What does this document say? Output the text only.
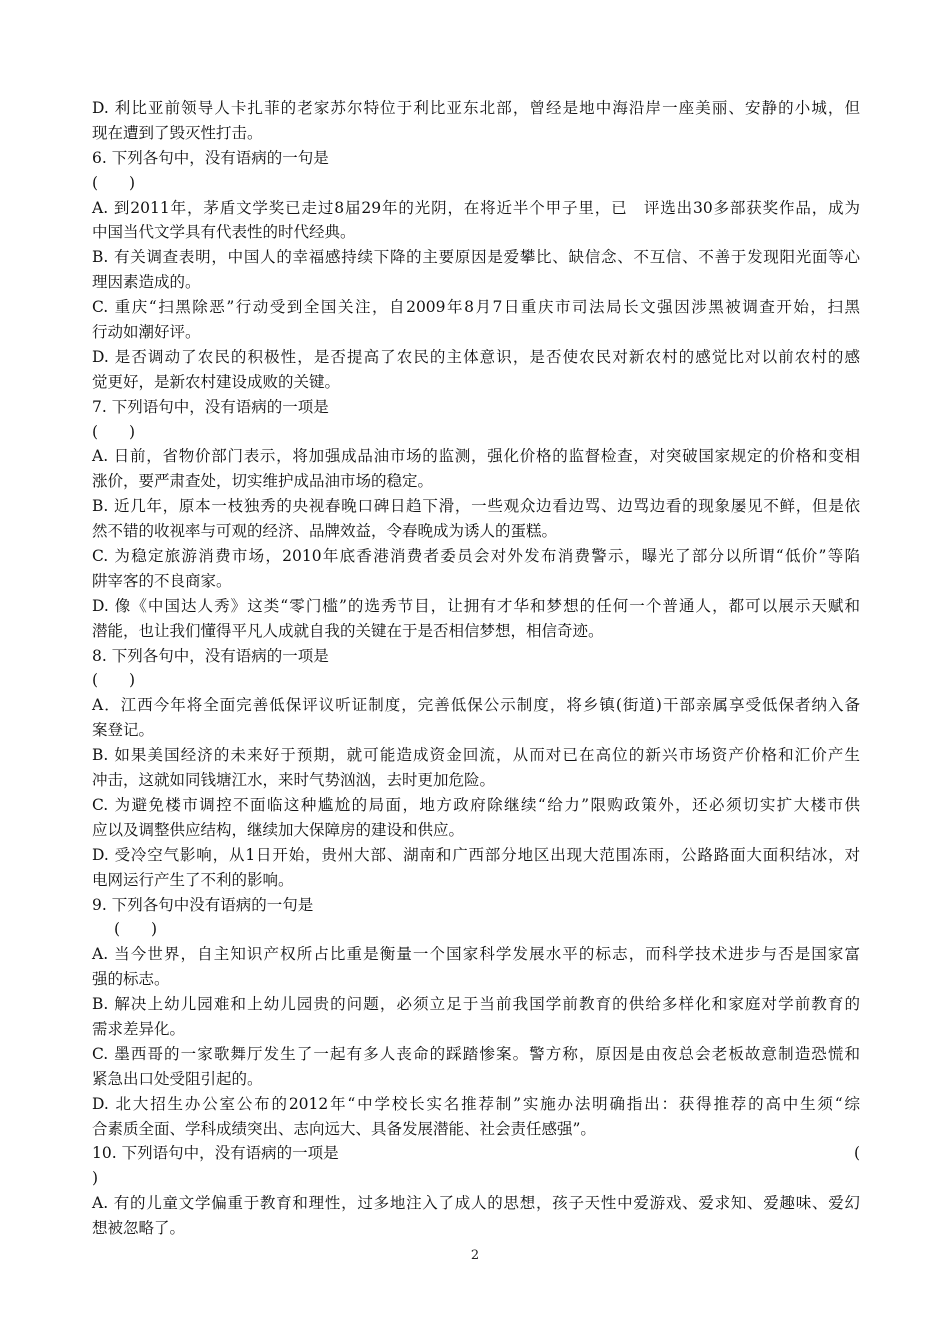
D. 利比亚前领导人卡扎菲的老家苏尔特位于利比亚东北部，曾经是地中海沿岸一座美丽、安静的小城，但
现在遭到了毁灭性打击。
6. 下列各句中，没有语病的一句是
(　　)
A. 到2011年，茅盾文学奖已走过8届29年的光阴，在将近半个甲子里，已　评选出30多部获奖作品，成为
中国当代文学具有代表性的时代经典。
B. 有关调查表明，中国人的幸福感持续下降的主要原因是爱攀比、缺信念、不互信、不善于发现阳光面等心
理因素造成的。
C. 重庆“扫黑除恶”行动受到全国关注，自2009年8月7日重庆市司法局长文强因涉黑被调查开始，扫黑
行动如潮好评。
D. 是否调动了农民的积极性，是否提高了农民的主体意识，是否使农民对新农村的感觉比对以前农村的感
觉更好，是新农村建设成败的关键。
7. 下列语句中，没有语病的一项是
(　　)
A. 日前，省物价部门表示，将加强成品油市场的监测，强化价格的监督检查，对突破国家规定的价格和变相
涨价，要严肃查处，切实维护成品油市场的稳定。
B. 近几年，原本一枝独秀的央视春晚口碑日趋下滑，一些观众边看边骂、边骂边看的现象屡见不鲜，但是依
然不错的收视率与可观的经济、品牌效益，令春晚成为诱人的蛋糕。
C. 为稳定旅游消费市场，2010年底香港消费者委员会对外发布消费警示，曝光了部分以所谓“低价”等陷
阱宰客的不良商家。
D. 像《中国达人秀》这类“零门槛”的选秀节目，让拥有才华和梦想的任何一个普通人，都可以展示天赋和
潜能，也让我们懂得平凡人成就自我的关键在于是否相信梦想，相信奇迹。
8. 下列各句中，没有语病的一项是
(　　)
A．江西今年将全面完善低保评议听证制度，完善低保公示制度，将乡镇(街道)干部亲属享受低保者纳入备
案登记。
B. 如果美国经济的未来好于预期，就可能造成资金回流，从而对已在高位的新兴市场资产价格和汇价产生
冲击，这就如同钱塘江水，来时气势汹汹，去时更加危险。
C. 为避免楼市调控不面临这种尴尬的局面，地方政府除继续“给力”限购政策外，还必须切实扩大楼市供
应以及调整供应结构，继续加大保障房的建设和供应。
D. 受冷空气影响，从1日开始，贵州大部、湖南和广西部分地区出现大范围冻雨，公路路面大面积结冰，对
电网运行产生了不利的影响。
9. 下列各句中没有语病的一句是
(　　)
A. 当今世界，自主知识产权所占比重是衡量一个国家科学发展水平的标志，而科学技术进步与否是国家富
强的标志。
B. 解决上幼儿园难和上幼儿园贵的问题，必须立足于当前我国学前教育的供给多样化和家庭对学前教育的
需求差异化。
C. 墨西哥的一家歌舞厅发生了一起有多人丧命的踩踏惨案。警方称，原因是由夜总会老板故意制造恐慌和
紧急出口处受阻引起的。
D. 北大招生办公室公布的2012年“中学校长实名推荐制”实施办法明确指出：获得推荐的高中生须“综
合素质全面、学科成绩突出、志向远大、具备发展潜能、社会责任感强”。
10. 下列语句中，没有语病的一项是	(
)
A. 有的儿童文学偏重于教育和理性，过多地注入了成人的思想，孩子天性中爱游戏、爱求知、爱趣味、爱幻
想被忽略了。
2
